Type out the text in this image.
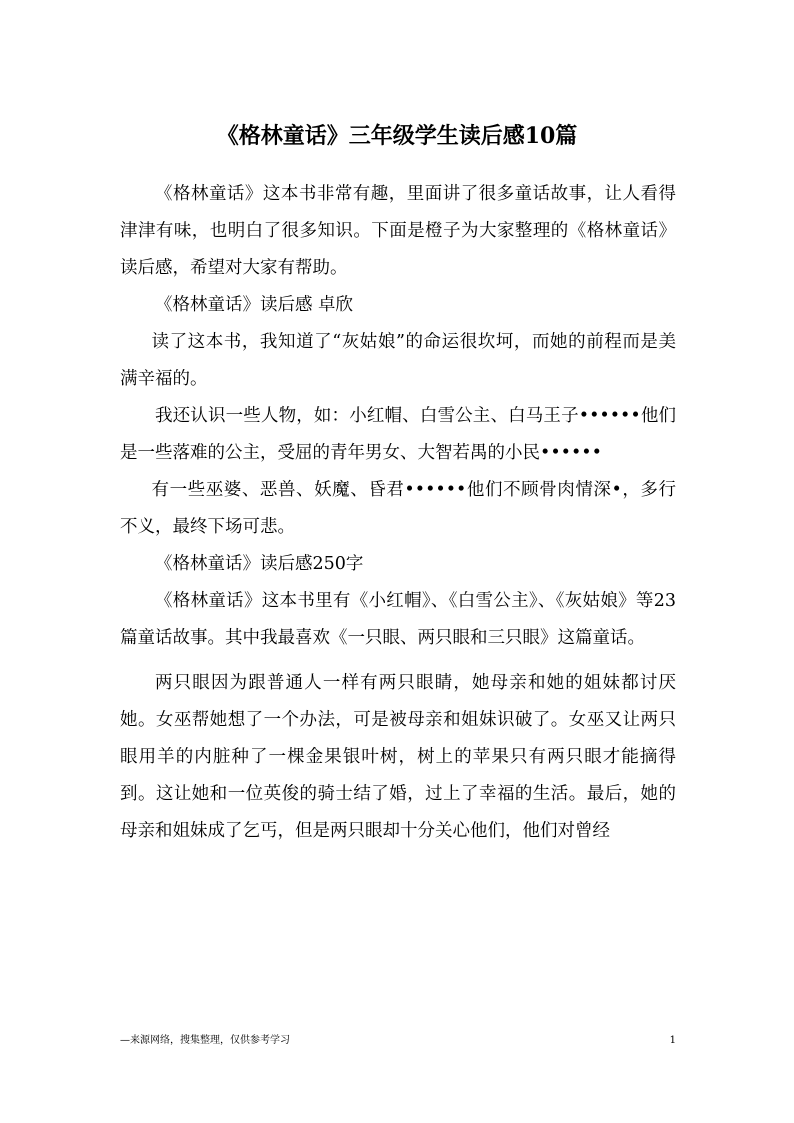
《格林童话》三年级学生读后感10篇

《格林童话》这本书非常有趣，里面讲了很多童话故事，让人看得津津有味，也明白了很多知识。下面是橙子为大家整理的《格林童话》读后感，希望对大家有帮助。

《格林童话》读后感 卓欣

读了这本书，我知道了“灰姑娘”的命运很坎坷，而她的前程而是美满辛福的。

我还认识一些人物，如：小红帽、白雪公主、白马王子••••••他们是一些落难的公主，受屈的青年男女、大智若禺的小民••••••

有一些巫婆、恶兽、妖魔、昏君••••••他们不顾骨肉情深•，多行不义，最终下场可悲。

《格林童话》读后感250字

《格林童话》这本书里有《小红帽》、《白雪公主》、《灰姑娘》等23篇童话故事。其中我最喜欢《一只眼、两只眼和三只眼》这篇童话。

两只眼因为跟普通人一样有两只眼睛，她母亲和她的姐妹都讨厌她。女巫帮她想了一个办法，可是被母亲和姐妹识破了。女巫又让两只眼用羊的内脏种了一棵金果银叶树，树上的苹果只有两只眼才能摘得到。这让她和一位英俊的骑士结了婚，过上了幸福的生活。最后，她的母亲和姐妹成了乞丐，但是两只眼却十分关心他们，他们对曾经

—来源网络，搜集整理，仅供参考学习	1
